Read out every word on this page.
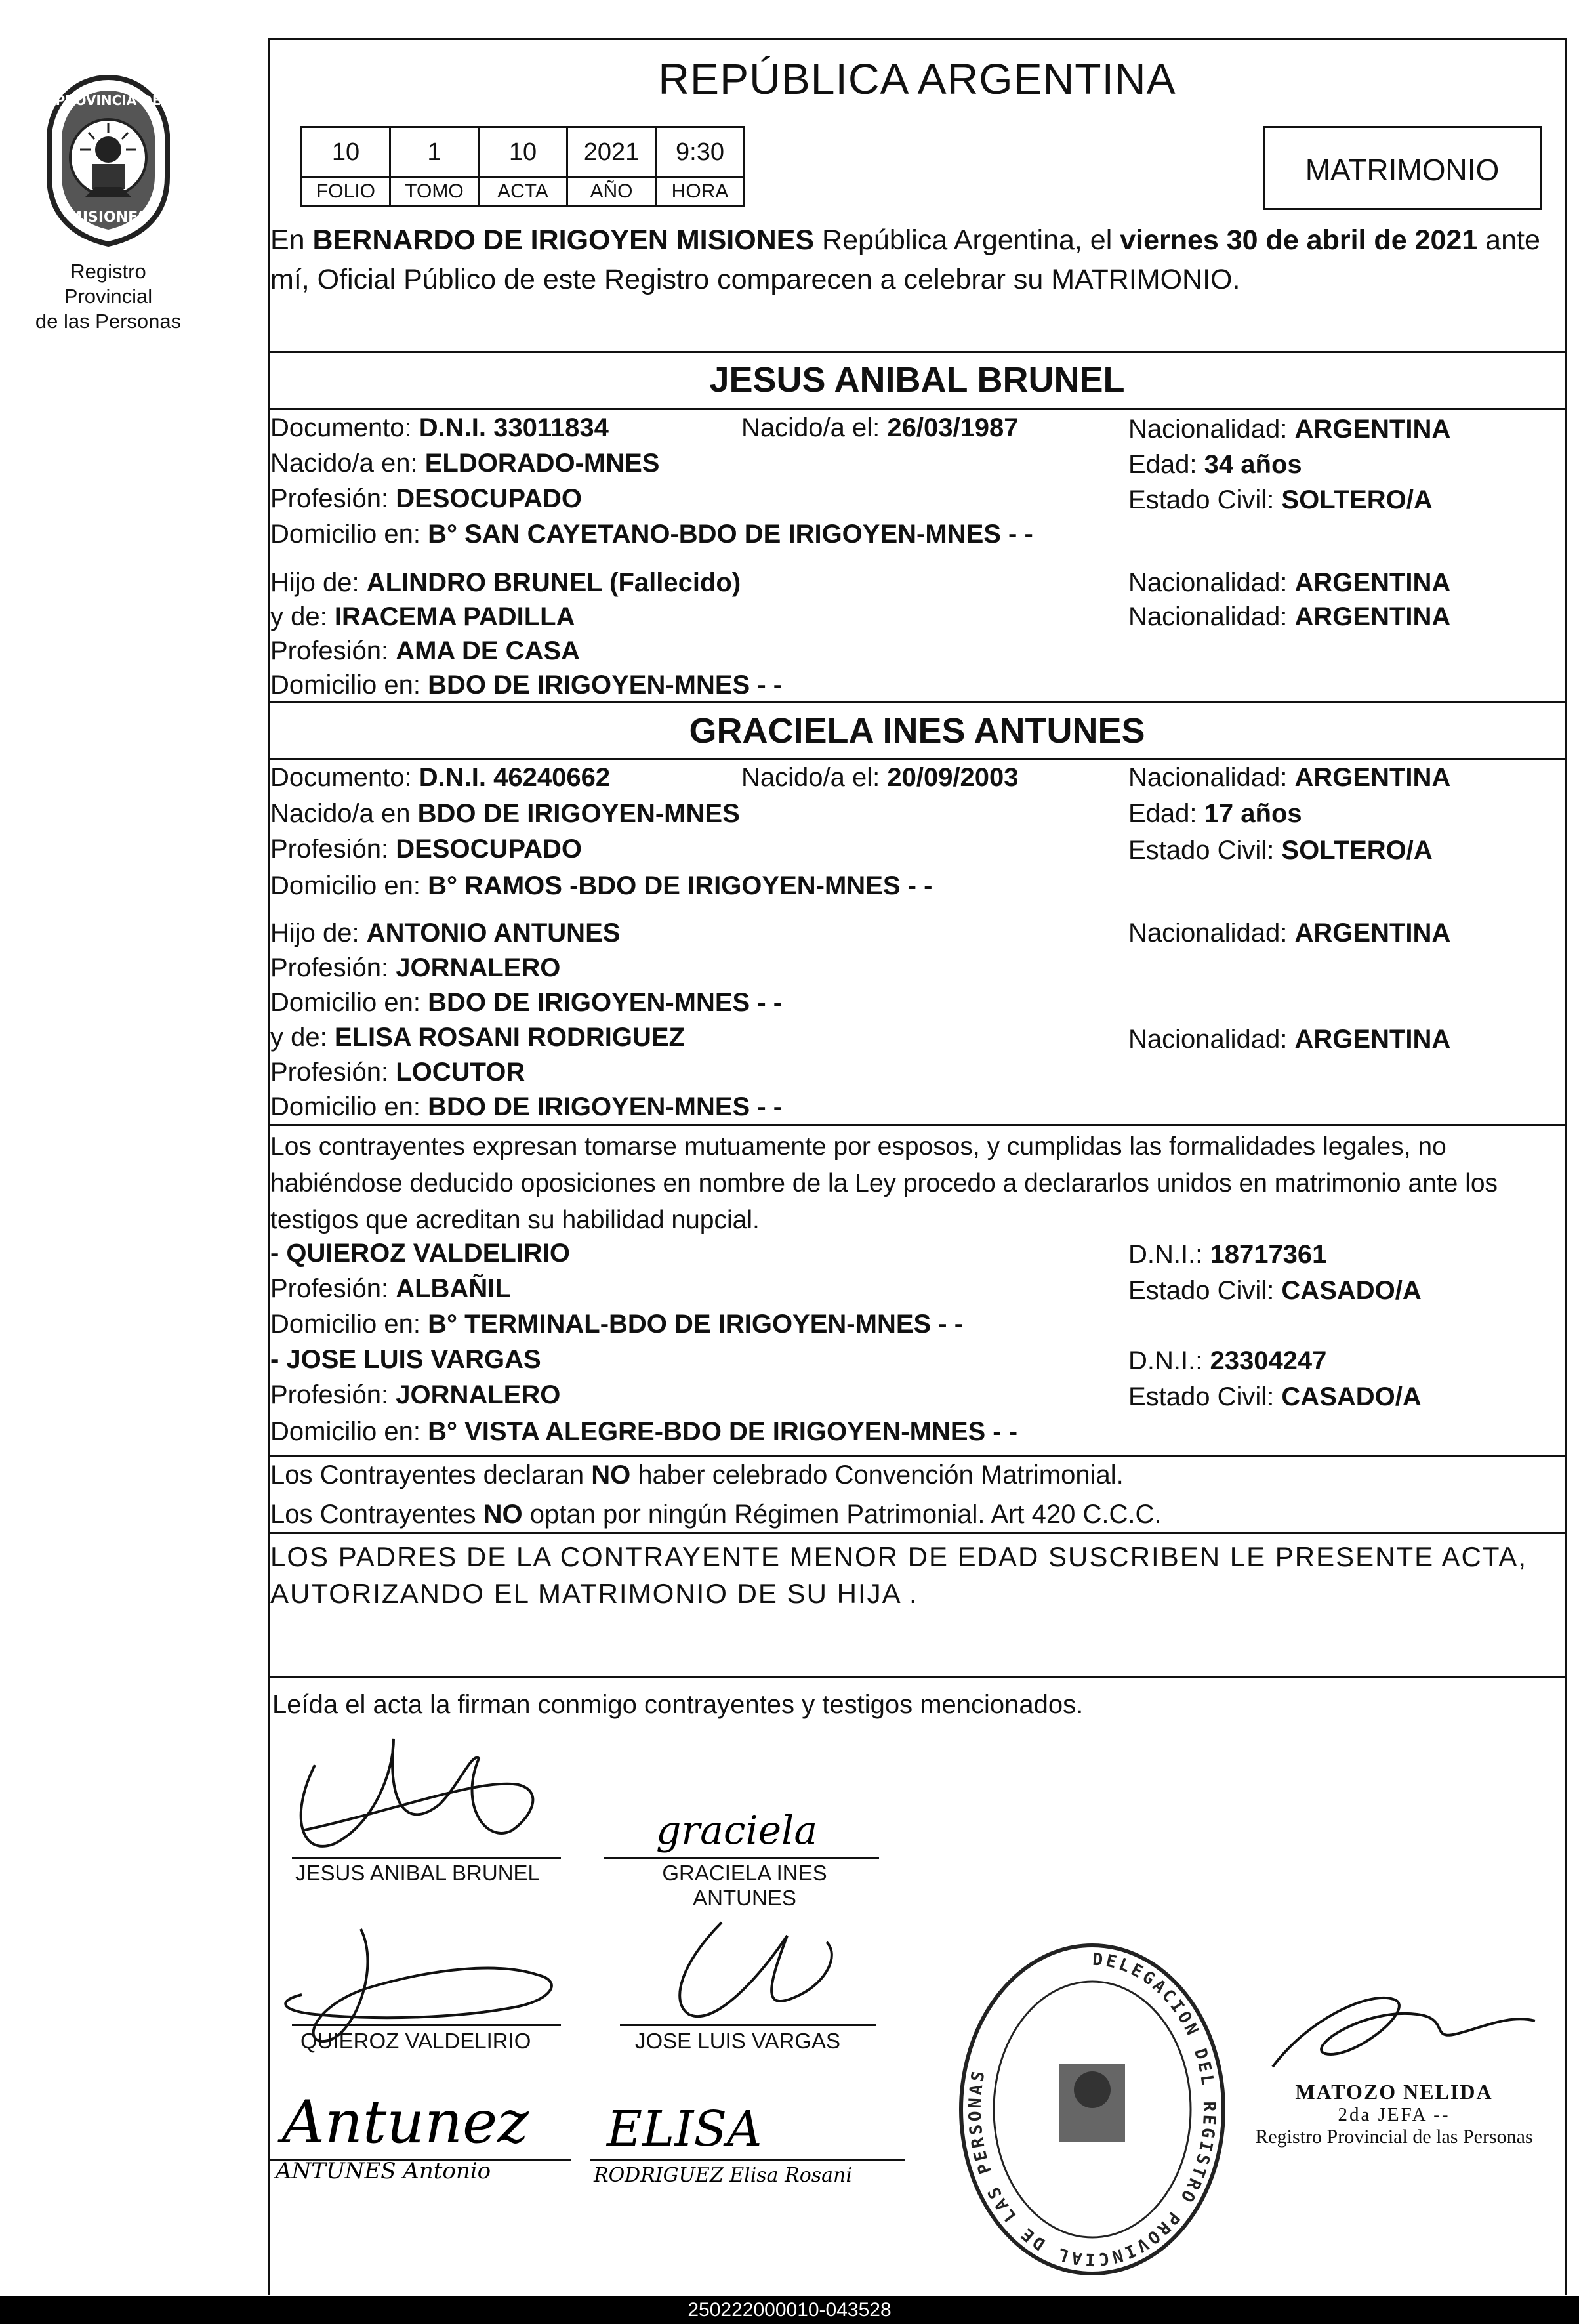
PROVINCIA DE
MISIONES
Registro Provincial
de las Personas
REPÚBLICA ARGENTINA
10	1	10	2021	9:30
FOLIO	TOMO	ACTA	AÑO	HORA
MATRIMONIO
En BERNARDO DE IRIGOYEN MISIONES República Argentina, el viernes 30 de abril de 2021 ante mí, Oficial Público de este Registro comparecen a celebrar su MATRIMONIO.
JESUS ANIBAL BRUNEL
Documento: D.N.I. 33011834	Nacido/a el: 26/03/1987	Nacionalidad: ARGENTINA
Nacido/a en: ELDORADO-MNES	Edad: 34 años
Profesión: DESOCUPADO	Estado Civil: SOLTERO/A
Domicilio en: B° SAN CAYETANO-BDO DE IRIGOYEN-MNES - -
Hijo de: ALINDRO BRUNEL (Fallecido)	Nacionalidad: ARGENTINA
y de: IRACEMA PADILLA	Nacionalidad: ARGENTINA
Profesión: AMA DE CASA
Domicilio en: BDO DE IRIGOYEN-MNES - -
GRACIELA INES ANTUNES
Documento: D.N.I. 46240662	Nacido/a el: 20/09/2003	Nacionalidad: ARGENTINA
Nacido/a en BDO DE IRIGOYEN-MNES	Edad: 17 años
Profesión: DESOCUPADO	Estado Civil: SOLTERO/A
Domicilio en: B° RAMOS -BDO DE IRIGOYEN-MNES - -
Hijo de: ANTONIO ANTUNES	Nacionalidad: ARGENTINA
Profesión: JORNALERO
Domicilio en: BDO DE IRIGOYEN-MNES - -
y de: ELISA ROSANI RODRIGUEZ	Nacionalidad: ARGENTINA
Profesión: LOCUTOR
Domicilio en: BDO DE IRIGOYEN-MNES - -
Los contrayentes expresan tomarse mutuamente por esposos, y cumplidas las formalidades legales, no habiéndose deducido oposiciones en nombre de la Ley procedo a declararlos unidos en matrimonio ante los testigos que acreditan su habilidad nupcial.
- QUIEROZ VALDELIRIO	D.N.I.: 18717361
Profesión: ALBAÑIL	Estado Civil: CASADO/A
Domicilio en: B° TERMINAL-BDO DE IRIGOYEN-MNES - -
- JOSE LUIS VARGAS	D.N.I.: 23304247
Profesión: JORNALERO	Estado Civil: CASADO/A
Domicilio en: B° VISTA ALEGRE-BDO DE IRIGOYEN-MNES - -
Los Contrayentes declaran NO haber celebrado Convención Matrimonial.
Los Contrayentes NO optan por ningún Régimen Patrimonial. Art 420 C.C.C.
LOS PADRES DE LA CONTRAYENTE MENOR DE EDAD SUSCRIBEN LE PRESENTE ACTA, AUTORIZANDO EL MATRIMONIO DE SU HIJA .
Leída el acta la firman conmigo contrayentes y testigos mencionados.
graciela
Antunez
ANTUNES Antonio
ELISA
RODRIGUEZ Elisa Rosani
JESUS ANIBAL BRUNEL	GRACIELA INES
ANTUNES
QUIEROZ VALDELIRIO	JOSE LUIS VARGAS
DELEGACION DEL REGISTRO PROVINCIAL DE LAS PERSONAS
MATOZO NELIDA
2da JEFA --
Registro Provincial de las Personas
250222000010-043528
